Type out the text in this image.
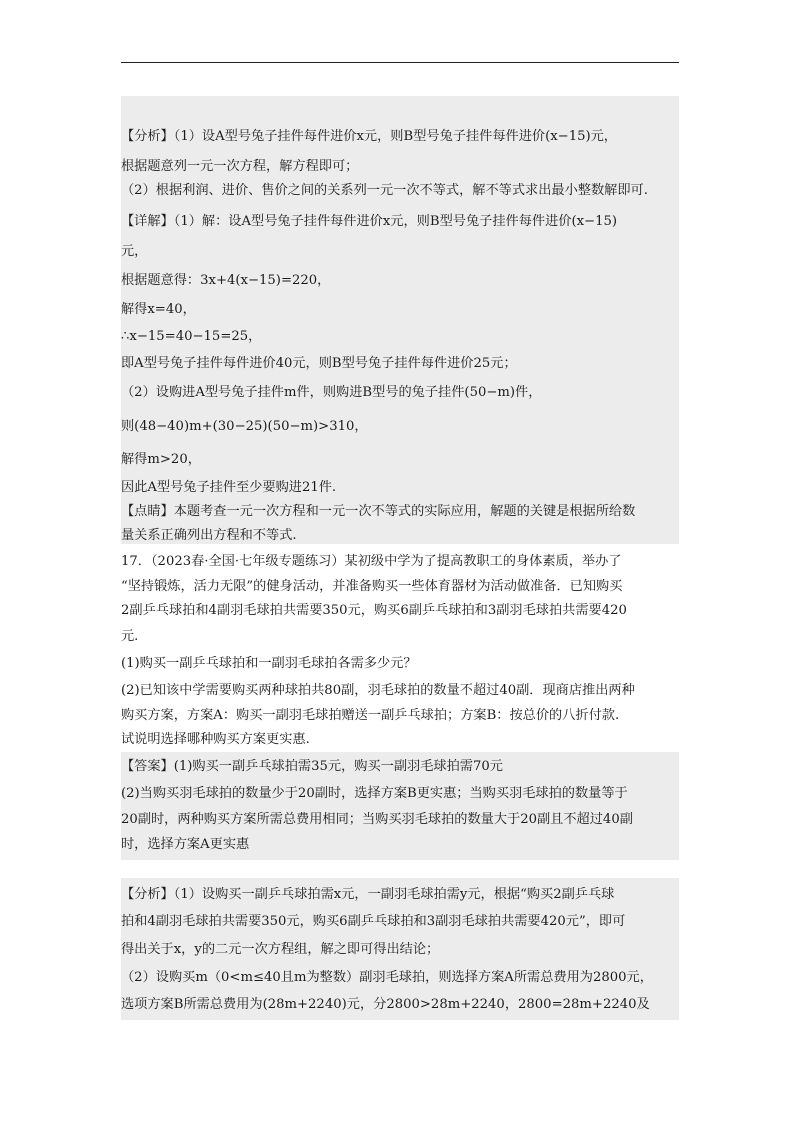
【分析】（1）设A型号兔子挂件每件进价x元，则B型号兔子挂件每件进价(x−15)元，
根据题意列一元一次方程，解方程即可；
（2）根据利润、进价、售价之间的关系列一元一次不等式，解不等式求出最小整数解即可.
【详解】（1）解：设A型号兔子挂件每件进价x元，则B型号兔子挂件每件进价(x−15)
元，
根据题意得：3x+4(x−15)=220，
解得x=40，
∴x−15=40−15=25，
即A型号兔子挂件每件进价40元，则B型号兔子挂件每件进价25元；
（2）设购进A型号兔子挂件m件，则购进B型号的兔子挂件(50−m)件，
则(48−40)m+(30−25)(50−m)>310，
解得m>20，
因此A型号兔子挂件至少要购进21件.
【点睛】本题考查一元一次方程和一元一次不等式的实际应用，解题的关键是根据所给数
量关系正确列出方程和不等式.
17．（2023春·全国·七年级专题练习）某初级中学为了提高教职工的身体素质，举办了
“坚持锻炼，活力无限”的健身活动，并准备购买一些体育器材为活动做准备．已知购买
2副乒乓球拍和4副羽毛球拍共需要350元，购买6副乒乓球拍和3副羽毛球拍共需要420
元.
(1)购买一副乒乓球拍和一副羽毛球拍各需多少元？
(2)已知该中学需要购买两种球拍共80副，羽毛球拍的数量不超过40副．现商店推出两种
购买方案，方案A：购买一副羽毛球拍赠送一副乒乓球拍；方案B：按总价的八折付款.
试说明选择哪种购买方案更实惠.
【答案】(1)购买一副乒乓球拍需35元，购买一副羽毛球拍需70元
(2)当购买羽毛球拍的数量少于20副时，选择方案B更实惠；当购买羽毛球拍的数量等于
20副时，两种购买方案所需总费用相同；当购买羽毛球拍的数量大于20副且不超过40副
时，选择方案A更实惠
【分析】（1）设购买一副乒乓球拍需x元，一副羽毛球拍需y元，根据“购买2副乒乓球
拍和4副羽毛球拍共需要350元，购买6副乒乓球拍和3副羽毛球拍共需要420元”，即可
得出关于x，y的二元一次方程组，解之即可得出结论；
（2）设购买m（0<m≤40且m为整数）副羽毛球拍，则选择方案A所需总费用为2800元，
选项方案B所需总费用为(28m+2240)元，分2800>28m+2240，2800=28m+2240及
